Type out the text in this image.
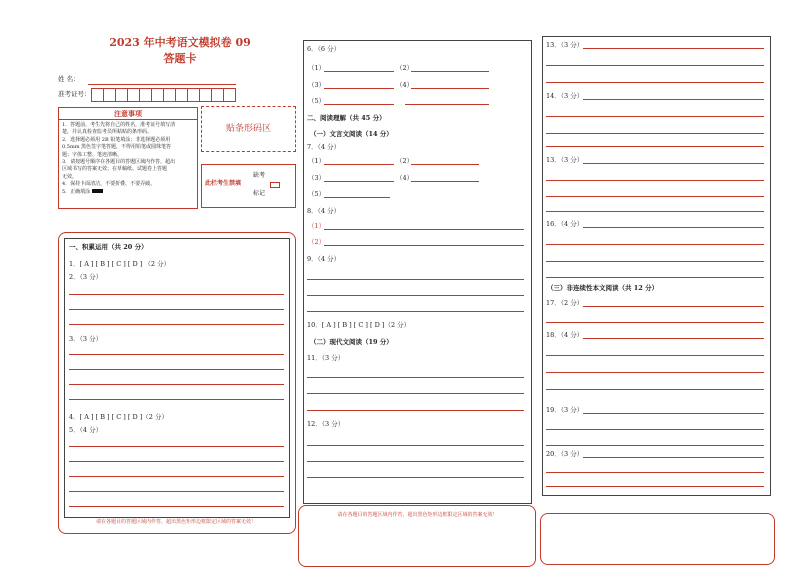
2023 年中考语文模拟卷 09
答题卡
姓 名：
准考证号：
注意事项
1．答题前，考生先将自己的姓名，准考证号填写清
楚，并认真检查监考员所粘贴的条形码。
2．选择题必须用 2B 铅笔填涂；非选择题必须用
0.5mm 黑色签字笔答题，不得用铅笔或圆珠笔答
题；字体工整、笔迹清晰。
3．请按题号顺序在各题目的答题区域内作答，超出
区域书写的答案无效；在草稿纸、试题卷上答题
无效。
4．保持卡面清洁，不要折叠、不要弄破。
5．正确填涂
贴条形码区
此栏考生禁填
缺考
标记
一、积累运用（共 20 分）
1．[ A ] [ B ] [ C ] [ D ] （2 分）
2．（3 分）
3．（3 分）
4．[ A ] [ B ] [ C ] [ D ]（2 分）
5．（4 分）
请在各题目的答题区域内作答，超出黑色矩形边框限定区域的答案无效！
6．（6 分）
（1）	（2）
（3）	（4）
（5）
二、阅读理解（共 45 分）
（一）文言文阅读（14 分）
7．（4 分）
（1）	（2）
（3）	（4）
（5）
8．（4 分）
（1）
（2）
9．（4 分）
10．[ A ] [ B ] [ C ] [ D ]（2 分）
（二）现代文阅读（19 分）
11．（3 分）
12．（3 分）
请在各题目的答题区域内作答，超出黑色矩形边框限定区域的答案无效！
13．（3 分）
14．（3 分）
13．（3 分）
16．（4 分）
（三）非连续性本文阅读（共 12 分）
17．（2 分）
18．（4 分）
19．（3 分）
20．（3 分）
